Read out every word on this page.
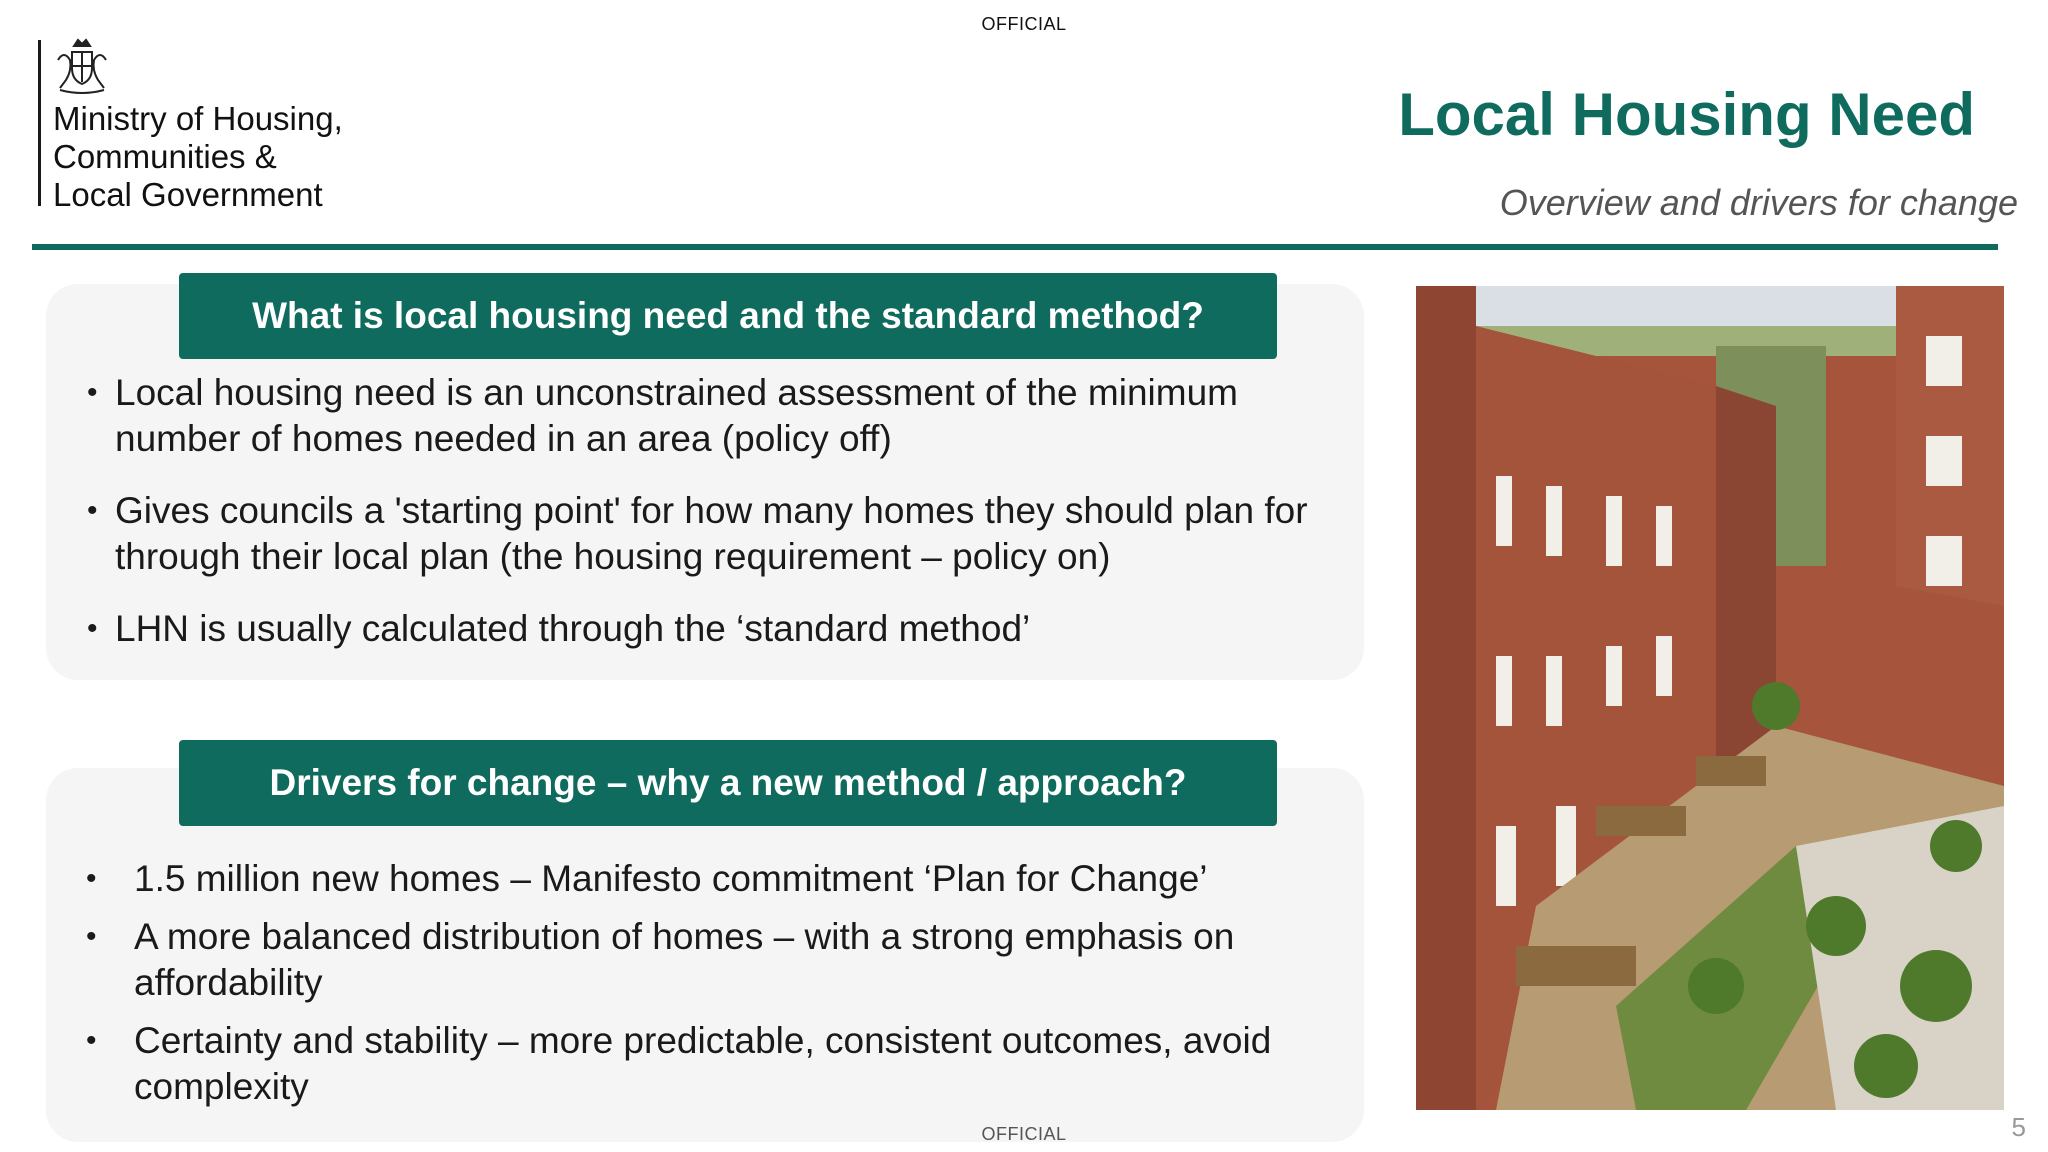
OFFICIAL
Ministry of Housing,
Communities &
Local Government
Local Housing Need
Overview and drivers for change
What is local housing need and the standard method?
• Local housing need is an unconstrained assessment of the minimum number of homes needed in an area (policy off)
• Gives councils a 'starting point' for how many homes they should plan for through their local plan (the housing requirement – policy on)
• LHN is usually calculated through the ‘standard method’
Drivers for change – why a new method / approach?
• 1.5 million new homes – Manifesto commitment ‘Plan for Change’
• A more balanced distribution of homes – with a strong emphasis on affordability
• Certainty and stability – more predictable, consistent outcomes, avoid complexity
OFFICIAL	5
